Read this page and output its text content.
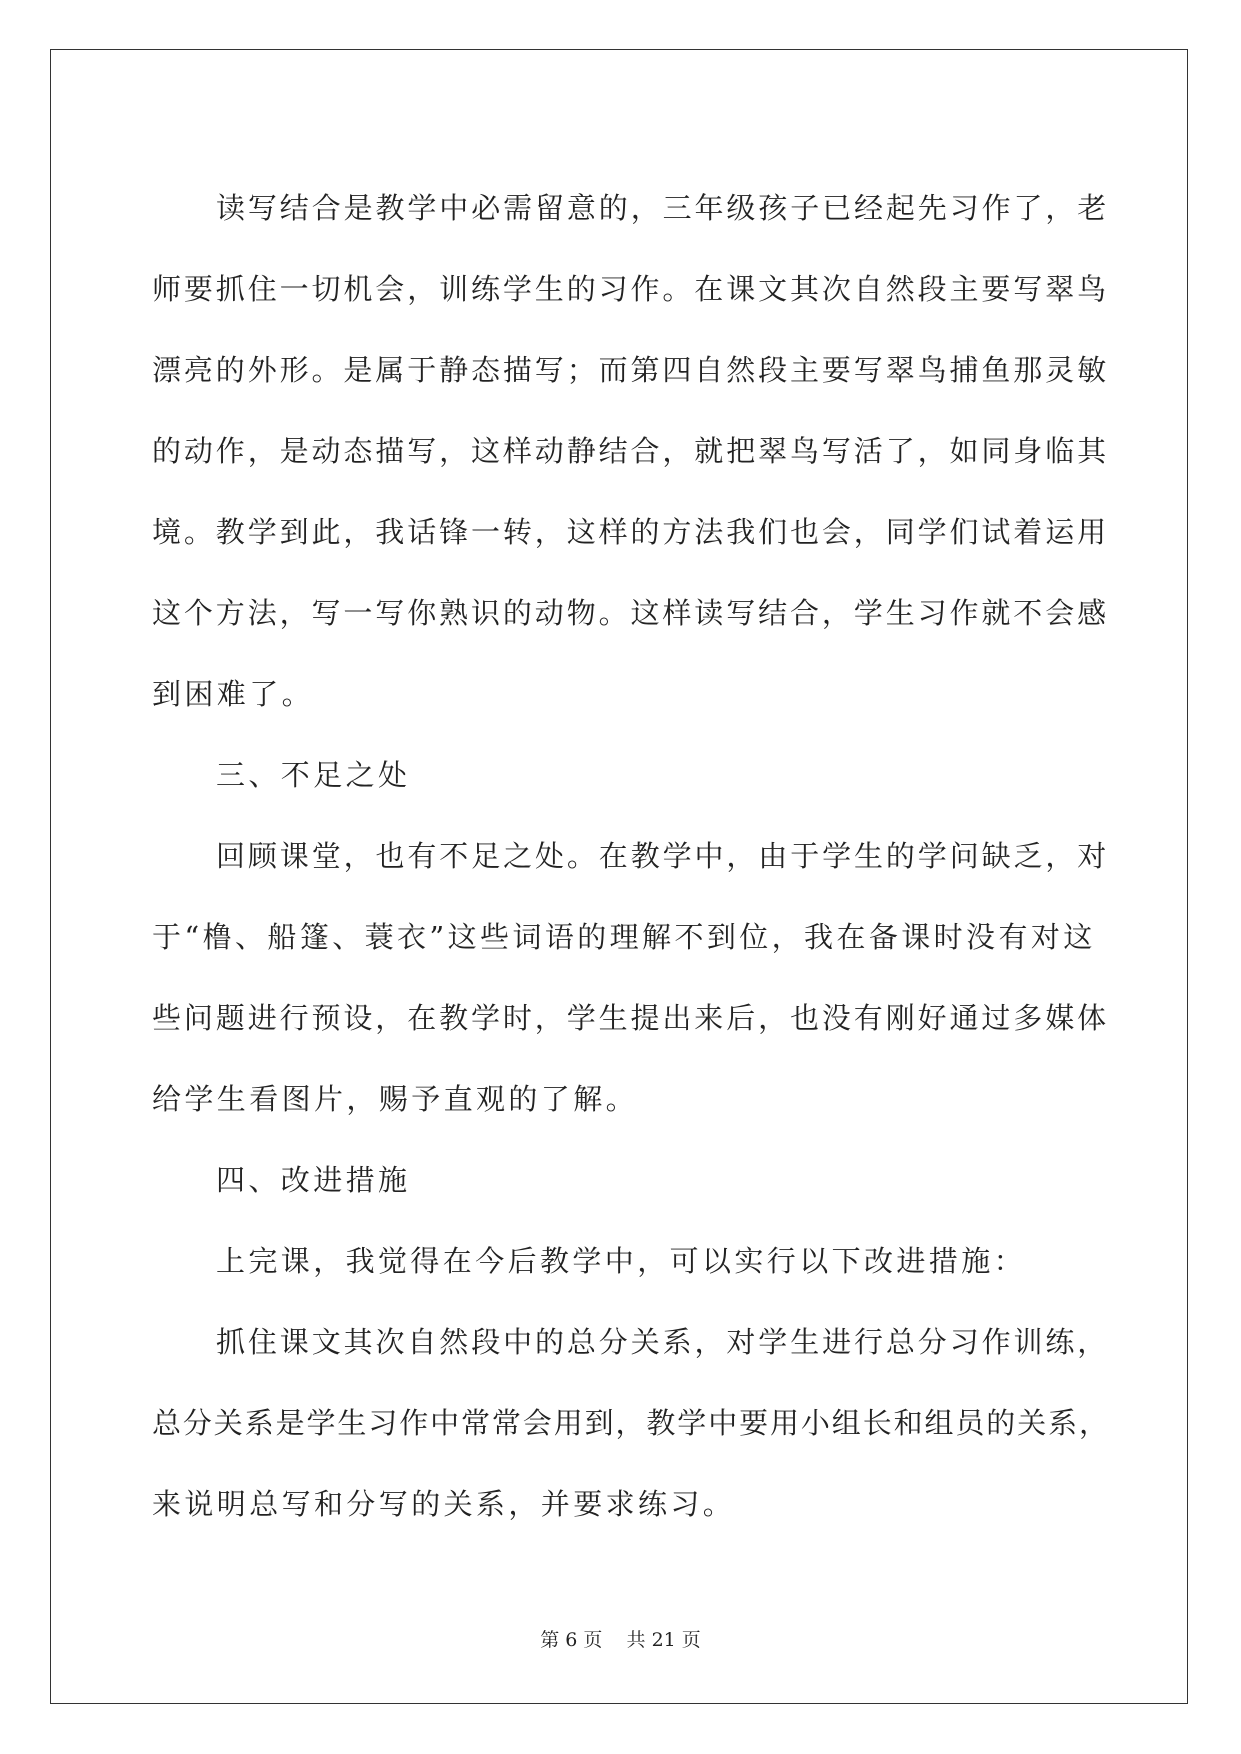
读写结合是教学中必需留意的，三年级孩子已经起先习作了，老
师要抓住一切机会，训练学生的习作。在课文其次自然段主要写翠鸟
漂亮的外形。是属于静态描写；而第四自然段主要写翠鸟捕鱼那灵敏
的动作，是动态描写，这样动静结合，就把翠鸟写活了，如同身临其
境。教学到此，我话锋一转，这样的方法我们也会，同学们试着运用
这个方法，写一写你熟识的动物。这样读写结合，学生习作就不会感
到困难了。
三、不足之处
回顾课堂，也有不足之处。在教学中，由于学生的学问缺乏，对
于“橹、船篷、蓑衣”这些词语的理解不到位，我在备课时没有对这
些问题进行预设，在教学时，学生提出来后，也没有刚好通过多媒体
给学生看图片，赐予直观的了解。
四、改进措施
上完课，我觉得在今后教学中，可以实行以下改进措施：
抓住课文其次自然段中的总分关系，对学生进行总分习作训练，
总分关系是学生习作中常常会用到，教学中要用小组长和组员的关系，
来说明总写和分写的关系，并要求练习。
第 6 页    共 21 页
